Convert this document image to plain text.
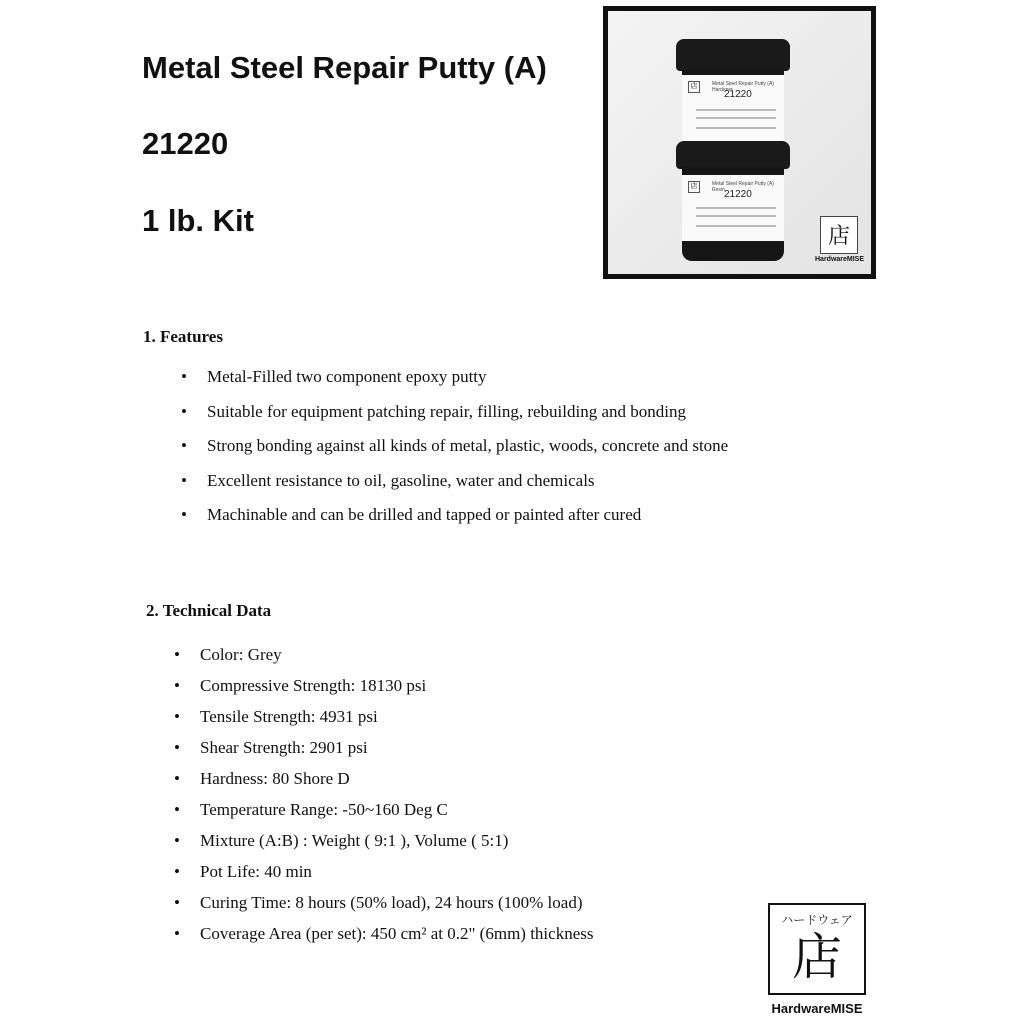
Metal Steel Repair Putty (A)
21220
1 lb. Kit
店	Metal Steel Repair Putty (A) Hardener
21220
店	Metal Steel Repair Putty (A) Resin 21220
店
HardwareMISE
1. Features
• Metal-Filled two component epoxy putty
• Suitable for equipment patching repair, filling, rebuilding and bonding
• Strong bonding against all kinds of metal, plastic, woods, concrete and stone
• Excellent resistance to oil, gasoline, water and chemicals
• Machinable and can be drilled and tapped or painted after cured
2. Technical Data
• Color: Grey
• Compressive Strength: 18130 psi
• Tensile Strength: 4931 psi
• Shear Strength: 2901 psi
• Hardness: 80 Shore D
• Temperature Range: -50~160 Deg C
• Mixture (A:B) : Weight ( 9:1 ), Volume ( 5:1)
• Pot Life: 40 min
• Curing Time: 8 hours (50% load), 24 hours (100% load)
• Coverage Area (per set): 450 cm² at 0.2" (6mm) thickness
ハードウェア
店
HardwareMISE
